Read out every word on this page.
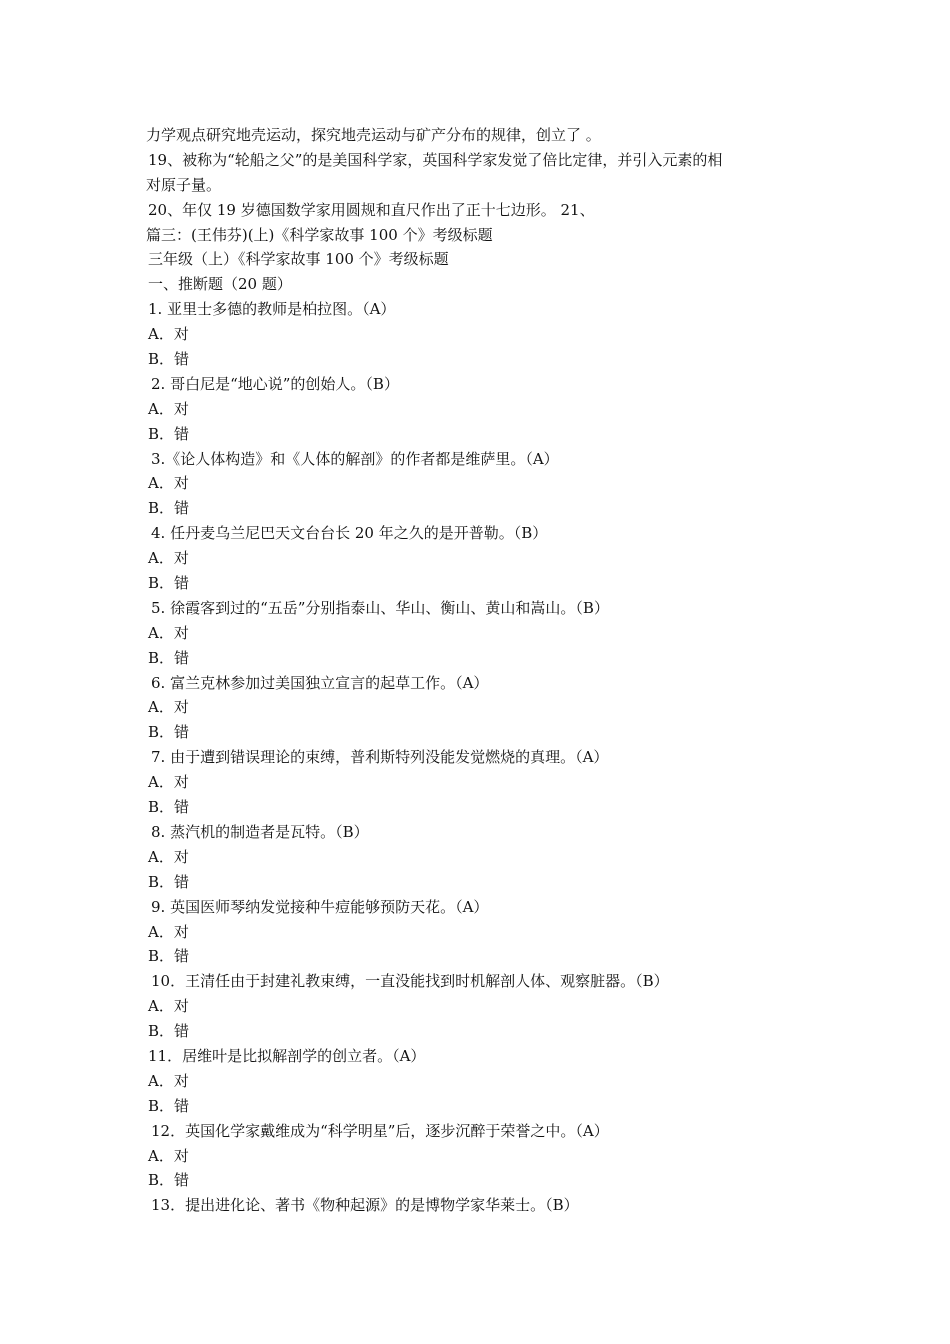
力学观点研究地壳运动，探究地壳运动与矿产分布的规律，创立了 。
19、被称为“轮船之父”的是美国科学家，英国科学家发觉了倍比定律，并引入元素的相
对原子量。
20、年仅 19 岁德国数学家用圆规和直尺作出了正十七边形。 21、
篇三：(王伟芬)(上)《科学家故事 100 个》考级标题
三年级（上）《科学家故事 100 个》考级标题
一、推断题（20 题）
1. 亚里士多德的教师是柏拉图。（A）
A．对
B．错
2. 哥白尼是“地心说”的创始人。（B）
A．对
B．错
3.《论人体构造》和《人体的解剖》的作者都是维萨里。（A）
A．对
B．错
4. 任丹麦乌兰尼巴天文台台长 20 年之久的是开普勒。（B）
A．对
B．错
5. 徐霞客到过的“五岳”分别指泰山、华山、衡山、黄山和嵩山。（B）
A．对
B．错
6. 富兰克林参加过美国独立宣言的起草工作。（A）
A．对
B．错
7. 由于遭到错误理论的束缚，普利斯特列没能发觉燃烧的真理。（A）
A．对
B．错
8. 蒸汽机的制造者是瓦特。（B）
A．对
B．错
9. 英国医师琴纳发觉接种牛痘能够预防天花。（A）
A．对
B．错
10．王清任由于封建礼教束缚，一直没能找到时机解剖人体、观察脏器。（B）
A．对
B．错
11．居维叶是比拟解剖学的创立者。（A）
A．对
B．错
12．英国化学家戴维成为“科学明星”后，逐步沉醉于荣誉之中。（A）
A．对
B．错
13．提出进化论、著书《物种起源》的是博物学家华莱士。（B）
